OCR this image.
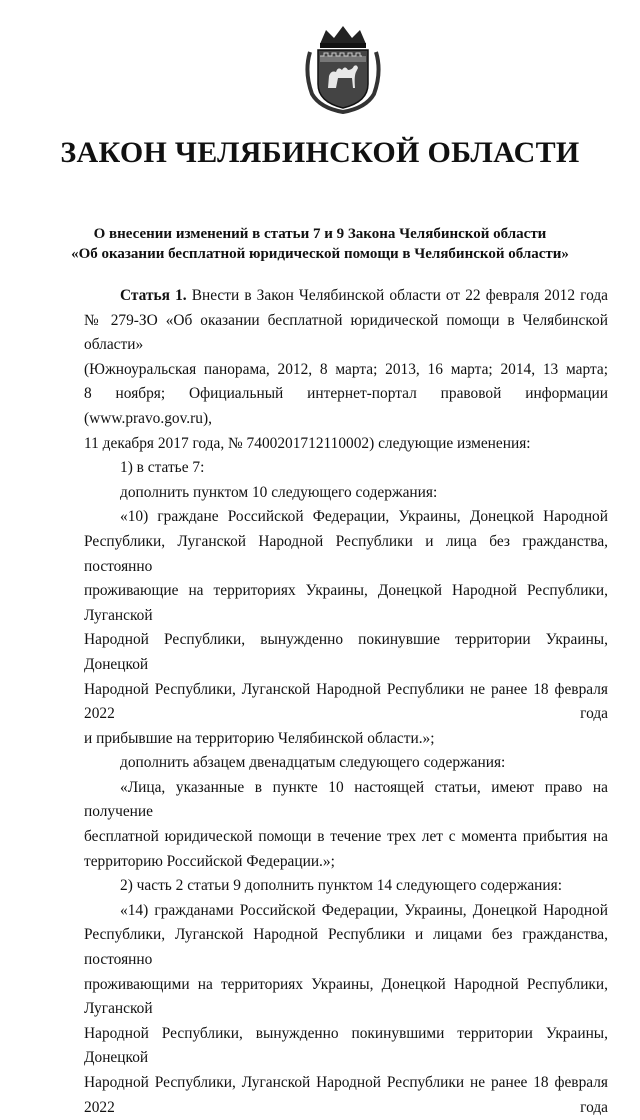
ЗАКОН ЧЕЛЯБИНСКОЙ ОБЛАСТИ
О внесении изменений в статьи 7 и 9 Закона Челябинской области
«Об оказании бесплатной юридической помощи в Челябинской области»

Статья 1. Внести в Закон Челябинской области от 22 февраля 2012 года

№ 279-ЗО «Об оказании бесплатной юридической помощи в Челябинской области»

(Южноуральская панорама, 2012, 8 марта; 2013, 16 марта; 2014, 13 марта;

8 ноября; Официальный интернет-портал правовой информации (www.pravo.gov.ru),

11 декабря 2017 года, № 7400201712110002) следующие изменения:

1) в статье 7:

дополнить пунктом 10 следующего содержания:

«10) граждане Российской Федерации, Украины, Донецкой Народной

Республики, Луганской Народной Республики и лица без гражданства, постоянно

проживающие на территориях Украины, Донецкой Народной Республики, Луганской

Народной Республики, вынужденно покинувшие территории Украины, Донецкой

Народной Республики, Луганской Народной Республики не ранее 18 февраля 2022 года

и прибывшие на территорию Челябинской области.»;

дополнить абзацем двенадцатым следующего содержания:

«Лица, указанные в пункте 10 настоящей статьи, имеют право на получение

бесплатной юридической помощи в течение трех лет с момента прибытия на

территорию Российской Федерации.»;

2) часть 2 статьи 9 дополнить пунктом 14 следующего содержания:

«14) гражданами Российской Федерации, Украины, Донецкой Народной

Республики, Луганской Народной Республики и лицами без гражданства, постоянно

проживающими на территориях Украины, Донецкой Народной Республики, Луганской

Народной Республики, вынужденно покинувшими территории Украины, Донецкой

Народной Республики, Луганской Народной Республики не ранее 18 февраля 2022 года
